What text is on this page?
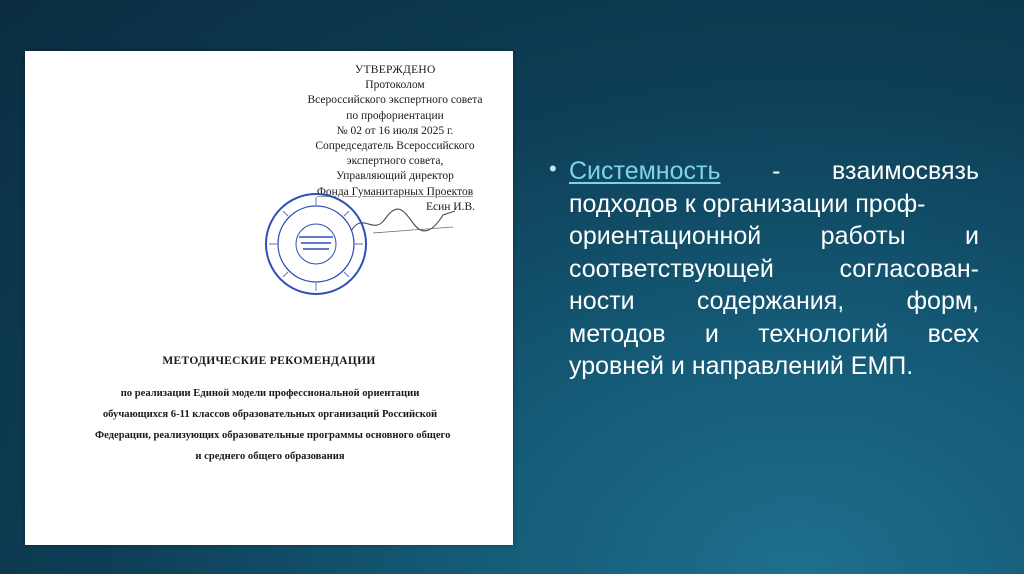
УТВЕРЖДЕНО
Протоколом
Всероссийского экспертного совета
по профориентации
№ 02 от 16 июля 2025 г.
Сопредседатель Всероссийского
экспертного совета,
Управляющий директор
Фонда Гуманитарных Проектов
Есин И.В.
МЕТОДИЧЕСКИЕ РЕКОМЕНДАЦИИ
по реализации Единой модели профессиональной ориентации
обучающихся 6-11 классов образовательных организаций Российской
Федерации, реализующих образовательные программы основного общего
и среднего общего образования
• Системность - взаимосвязь
подходов к организации проф-
ориентационной работы и
соответствующей	согласован-
ности содержания, форм,
методов и технологий всех
уровней и направлений ЕМП.
